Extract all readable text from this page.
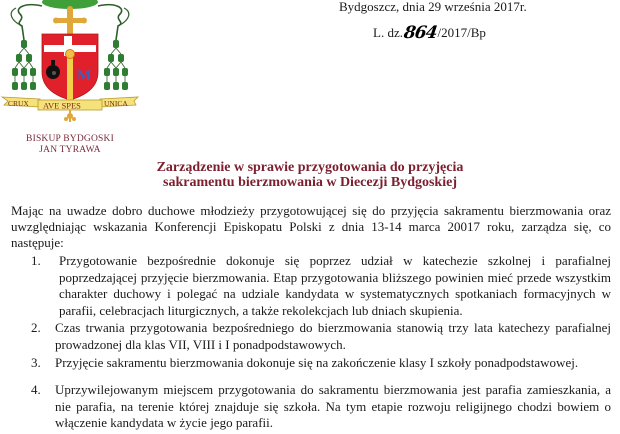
M
CRUX AVE SPES	UNICA
BISKUP BYDGOSKI
JAN TYRAWA
Bydgoszcz, dnia 29 września 2017r.
L. dz. 864 /2017/Bp
Zarządzenie w sprawie przygotowania do przyjęcia
sakramentu bierzmowania w Diecezji Bydgoskiej
Mając na uwadze dobro duchowe młodzieży przygotowującej się do przyjęcia sakramentu bierzmowania oraz
uwzględniając wskazania Konferencji Episkopatu Polski z dnia 13-14 marca 20017 roku, zarządza się, co następuje:
1.	Przygotowanie bezpośrednie dokonuje się poprzez udział w katechezie szkolnej i parafialnej poprzedzającej przyjęcie bierzmowania. Etap przygotowania bliższego powinien mieć przede wszystkim charakter duchowy i polegać na udziale kandydata w systematycznych spotkaniach formacyjnych w parafii, celebracjach liturgicznych, a także rekolekcjach lub dniach skupienia.
2.	Czas trwania przygotowania bezpośredniego do bierzmowania stanowią trzy lata katechezy parafialnej prowadzonej dla klas VII, VIII i I ponadpodstawowych.
3.	Przyjęcie sakramentu bierzmowania dokonuje się na zakończenie klasy I szkoły ponadpodstawowej.
4.	Uprzywilejowanym miejscem przygotowania do sakramentu bierzmowania jest parafia zamieszkania, a nie parafia, na terenie której znajduje się szkoła. Na tym etapie rozwoju religijnego chodzi bowiem o włączenie kandydata w życie jego parafii.
